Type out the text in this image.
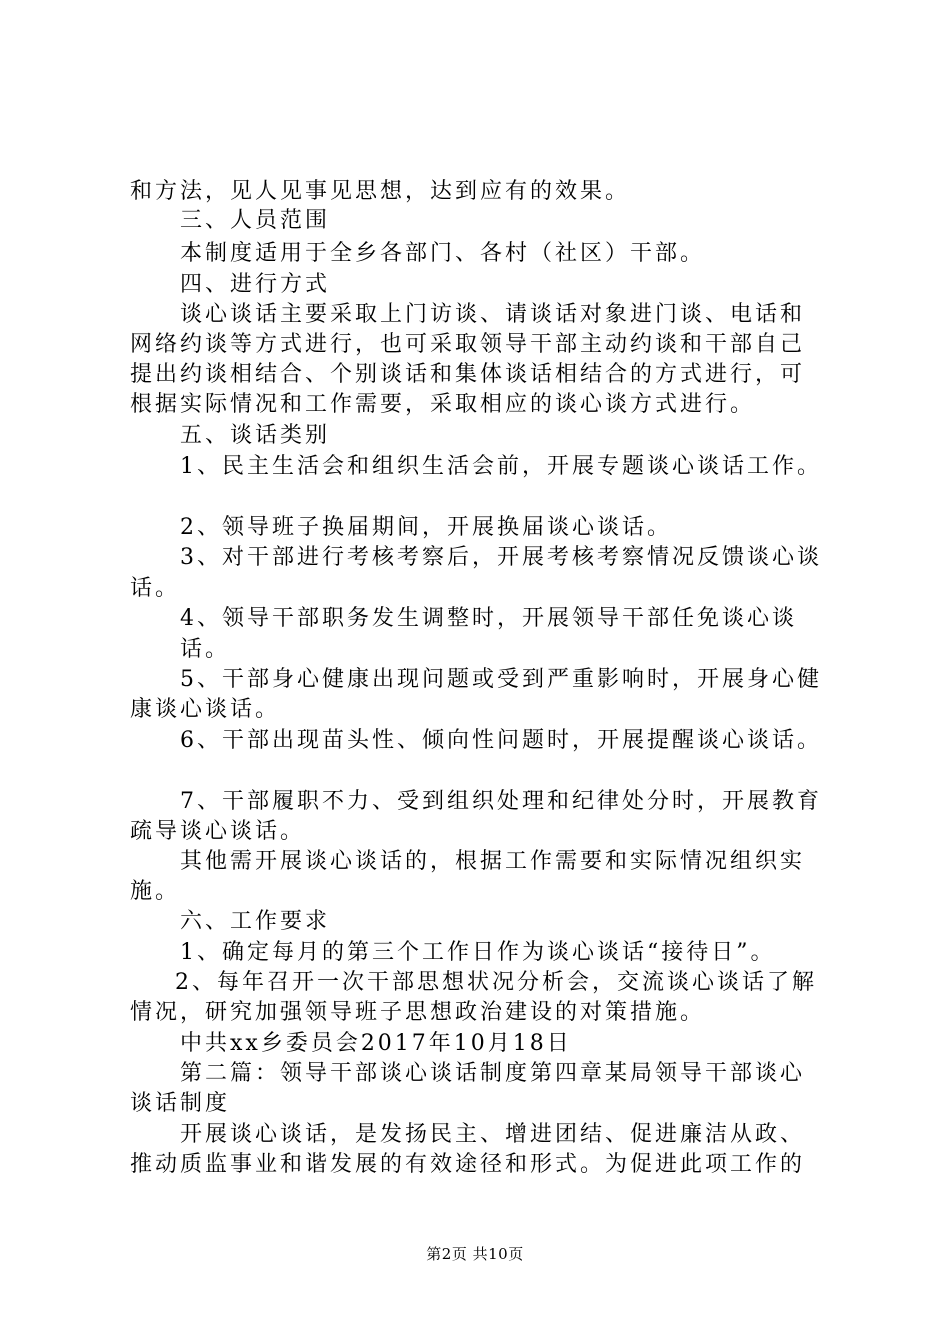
和方法，见人见事见思想，达到应有的效果。
三、人员范围
本制度适用于全乡各部门、各村（社区）干部。
四、进行方式
谈心谈话主要采取上门访谈、请谈话对象进门谈、电话和
网络约谈等方式进行，也可采取领导干部主动约谈和干部自己
提出约谈相结合、个别谈话和集体谈话相结合的方式进行，可
根据实际情况和工作需要，采取相应的谈心谈方式进行。
五、谈话类别
1、民主生活会和组织生活会前，开展专题谈心谈话工作。
2、领导班子换届期间，开展换届谈心谈话。
3、对干部进行考核考察后，开展考核考察情况反馈谈心谈
话。
4、领导干部职务发生调整时，开展领导干部任免谈心谈
话。
5、干部身心健康出现问题或受到严重影响时，开展身心健
康谈心谈话。
6、干部出现苗头性、倾向性问题时，开展提醒谈心谈话。
7、干部履职不力、受到组织处理和纪律处分时，开展教育
疏导谈心谈话。
其他需开展谈心谈话的，根据工作需要和实际情况组织实
施。
六、工作要求
1、确定每月的第三个工作日作为谈心谈话“接待日”。
2、每年召开一次干部思想状况分析会，交流谈心谈话了解
情况，研究加强领导班子思想政治建设的对策措施。
中共xx乡委员会2017年10月18日
第二篇：领导干部谈心谈话制度第四章某局领导干部谈心
谈话制度
开展谈心谈话，是发扬民主、增进团结、促进廉洁从政、
推动质监事业和谐发展的有效途径和形式。为促进此项工作的
第2页 共10页
